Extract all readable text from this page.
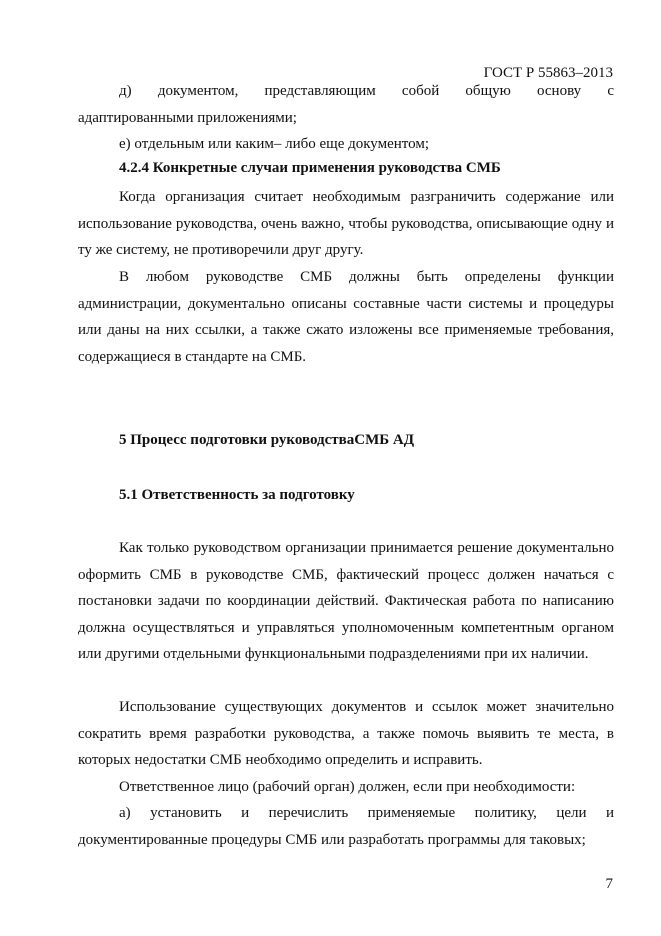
ГОСТ Р 55863–2013
д)    документом,    представляющим    собой    общую    основу    с адаптированными приложениями;
е) отдельным или каким– либо еще документом;
4.2.4 Конкретные случаи применения руководства СМБ
Когда организация считает необходимым разграничить содержание или использование руководства, очень важно, чтобы руководства, описывающие одну и ту же систему, не противоречили друг другу.
В любом руководстве СМБ должны быть определены функции администрации, документально описаны составные части системы и процедуры или даны на них ссылки, а также сжато изложены все применяемые требования, содержащиеся в стандарте на СМБ.
5 Процесс подготовки руководстваСМБ АД
5.1 Ответственность за подготовку
Как только руководством организации принимается решение документально оформить СМБ в руководстве СМБ, фактический процесс должен начаться с постановки задачи по координации действий. Фактическая работа по написанию должна осуществляться и управляться уполномоченным компетентным органом или другими отдельными функциональными подразделениями при их наличии.
Использование существующих документов и ссылок может значительно сократить время разработки руководства, а также помочь выявить те места, в которых недостатки СМБ необходимо определить и исправить.
Ответственное лицо (рабочий орган) должен, если при необходимости:
а) установить и перечислить применяемые политику, цели и документированные процедуры СМБ или разработать программы для таковых;
7
